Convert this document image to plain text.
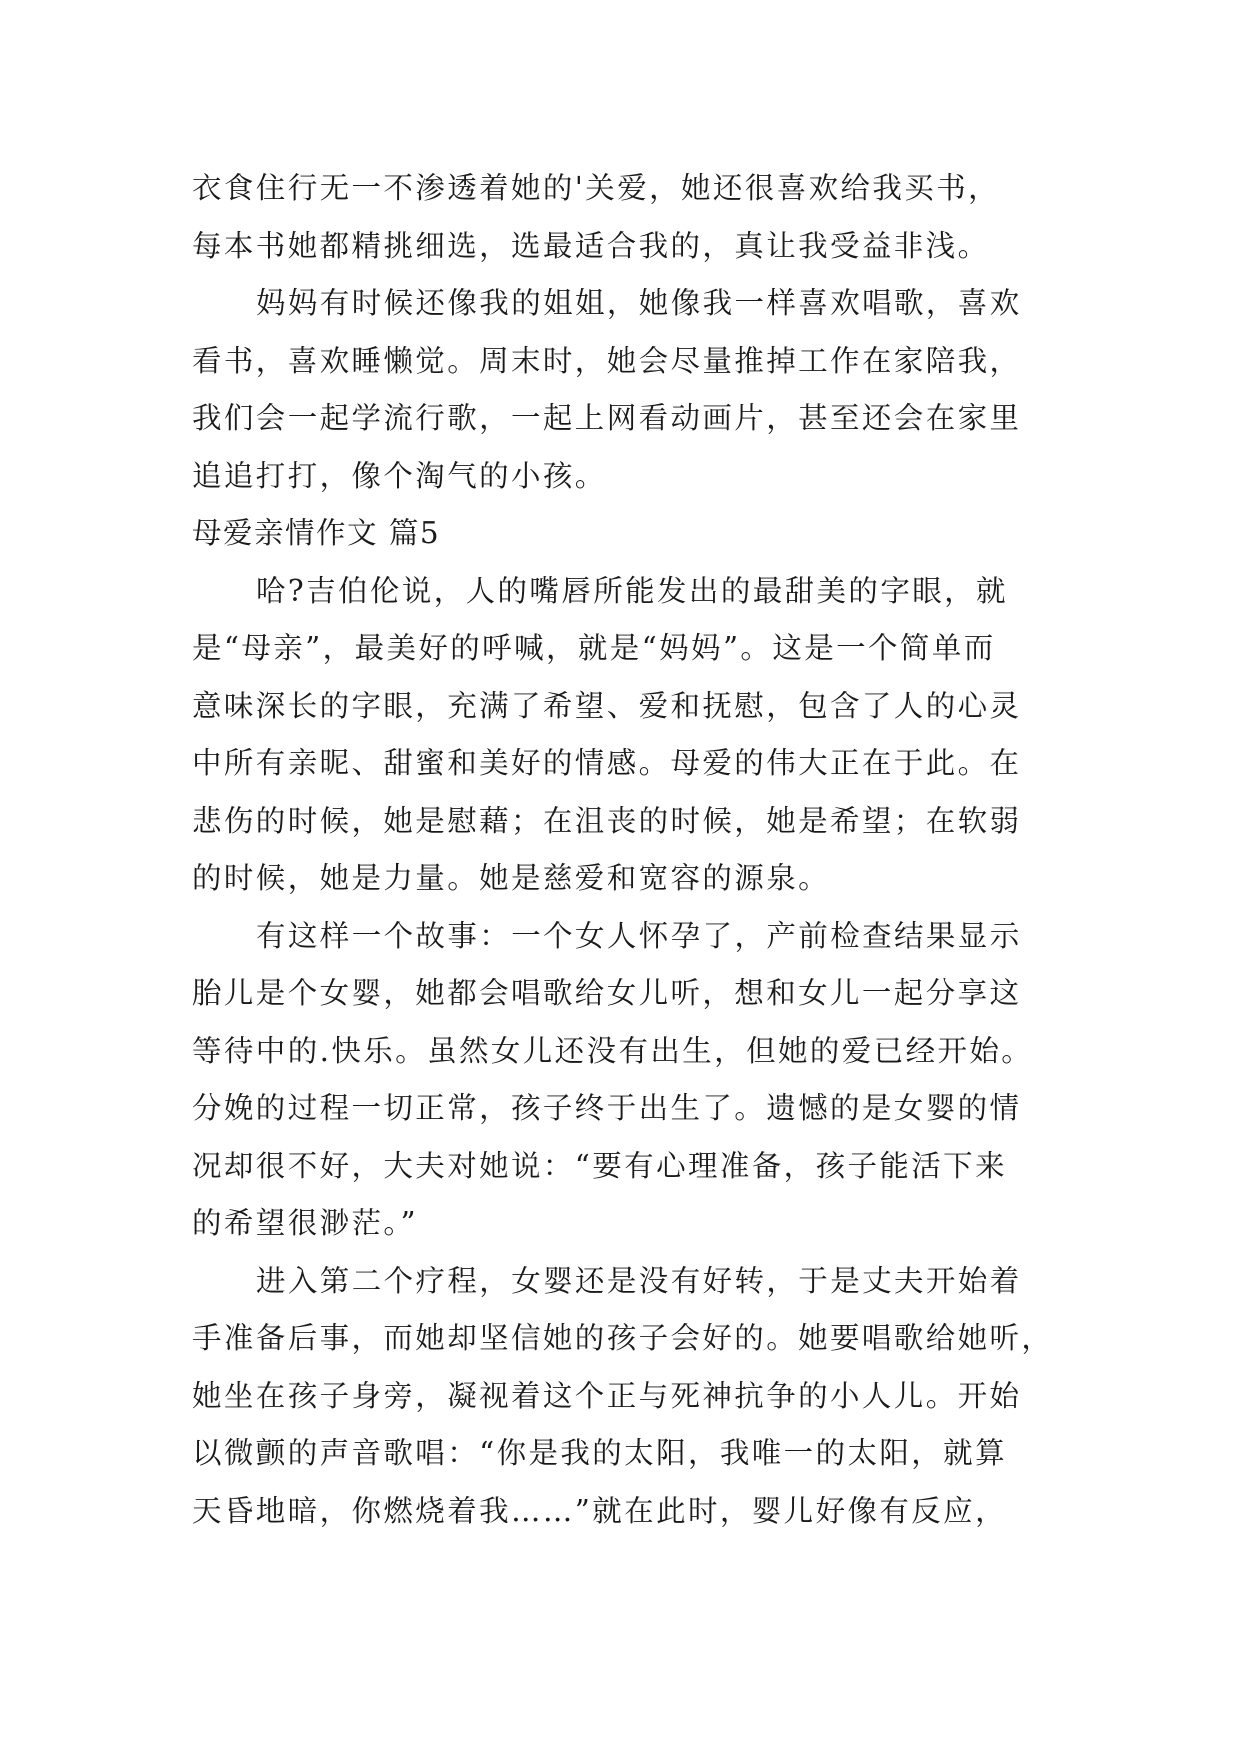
衣食住行无一不渗透着她的'关爱，她还很喜欢给我买书，
每本书她都精挑细选，选最适合我的，真让我受益非浅。
妈妈有时候还像我的姐姐，她像我一样喜欢唱歌，喜欢
看书，喜欢睡懒觉。周末时，她会尽量推掉工作在家陪我，
我们会一起学流行歌，一起上网看动画片，甚至还会在家里
追追打打，像个淘气的小孩。
母爱亲情作文 篇5
哈?吉伯伦说，人的嘴唇所能发出的最甜美的字眼，就
是“母亲”，最美好的呼喊，就是“妈妈”。这是一个简单而
意味深长的字眼，充满了希望、爱和抚慰，包含了人的心灵
中所有亲昵、甜蜜和美好的情感。母爱的伟大正在于此。在
悲伤的时候，她是慰藉；在沮丧的时候，她是希望；在软弱
的时候，她是力量。她是慈爱和宽容的源泉。
有这样一个故事：一个女人怀孕了，产前检查结果显示
胎儿是个女婴，她都会唱歌给女儿听，想和女儿一起分享这
等待中的.快乐。虽然女儿还没有出生，但她的爱已经开始。
分娩的过程一切正常，孩子终于出生了。遗憾的是女婴的情
况却很不好，大夫对她说：“要有心理准备，孩子能活下来
的希望很渺茫。”
进入第二个疗程，女婴还是没有好转，于是丈夫开始着
手准备后事，而她却坚信她的孩子会好的。她要唱歌给她听，
她坐在孩子身旁，凝视着这个正与死神抗争的小人儿。开始
以微颤的声音歌唱：“你是我的太阳，我唯一的太阳，就算
天昏地暗，你燃烧着我……”就在此时，婴儿好像有反应，
